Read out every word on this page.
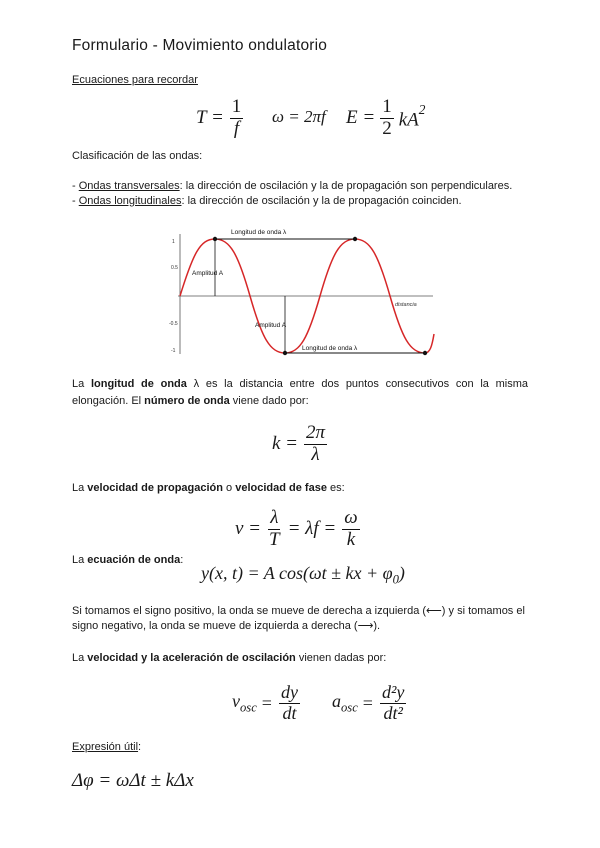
Formulario - Movimiento ondulatorio
Ecuaciones para recordar
$T = \frac{1}{f}$ ω = 2πf $E = \frac{1}{2} kA^2$
Clasificación de las ondas:
- Ondas transversales: la dirección de oscilación y la de propagación son perpendiculares.
- Ondas longitudinales: la dirección de oscilación y la de propagación coinciden.
1
0.5
-0.5
-1
Longitud de onda λ
Longitud de onda λ
Amplitud A
Amplitud A
distancia
La longitud de onda λ es la distancia entre dos puntos consecutivos con la misma elongación. El número de onda viene dado por:
$k = \frac{2\pi}{\lambda}$
La velocidad de propagación o velocidad de fase es:
$v = \frac{\lambda}{T} = \lambda f = \frac{\omega}{k}$
La ecuación de onda:
y(x, t) = A cos(ωt ± kx + $\varphi_0$)
Si tomamos el signo positivo, la onda se mueve de derecha a izquierda (⟵) y si tomamos el signo negativo, la onda se mueve de izquierda a derecha (⟶).
La velocidad y la aceleración de oscilación vienen dadas por:
$v_{osc} = \frac{dy}{dt} a_{osc} = \frac{\text{d²y}}{\text{dt²}}$
Expresión útil:
Δφ = ωΔt ± kΔx
